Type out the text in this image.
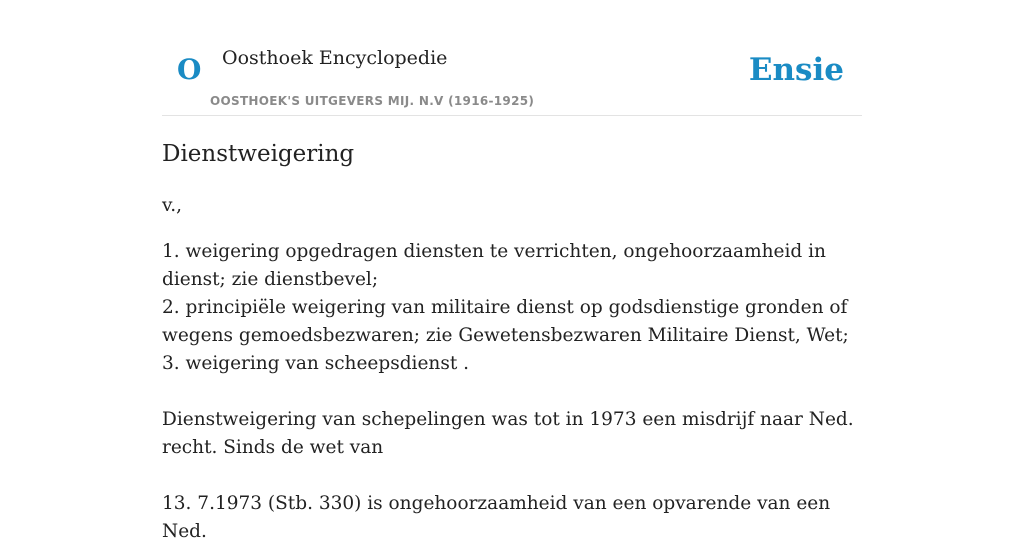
O Oosthoek Encyclopedie
OOSTHOEK'S UITGEVERS MIJ. N.V (1916-1925)
Ensie
Dienstweigering

v.,

1. weigering opgedragen diensten te verrichten, ongehoorzaamheid in dienst; zie dienstbevel;

2. principiële weigering van militaire dienst op godsdienstige gronden of wegens gemoedsbezwaren; zie Gewetensbezwaren Militaire Dienst, Wet;

3. weigering van scheepsdienst .

Dienstweigering van schepelingen was tot in 1973 een misdrijf naar Ned. recht. Sinds de wet van

13. 7.1973 (Stb. 330) is ongehoorzaamheid van een opvarende van een Ned.
